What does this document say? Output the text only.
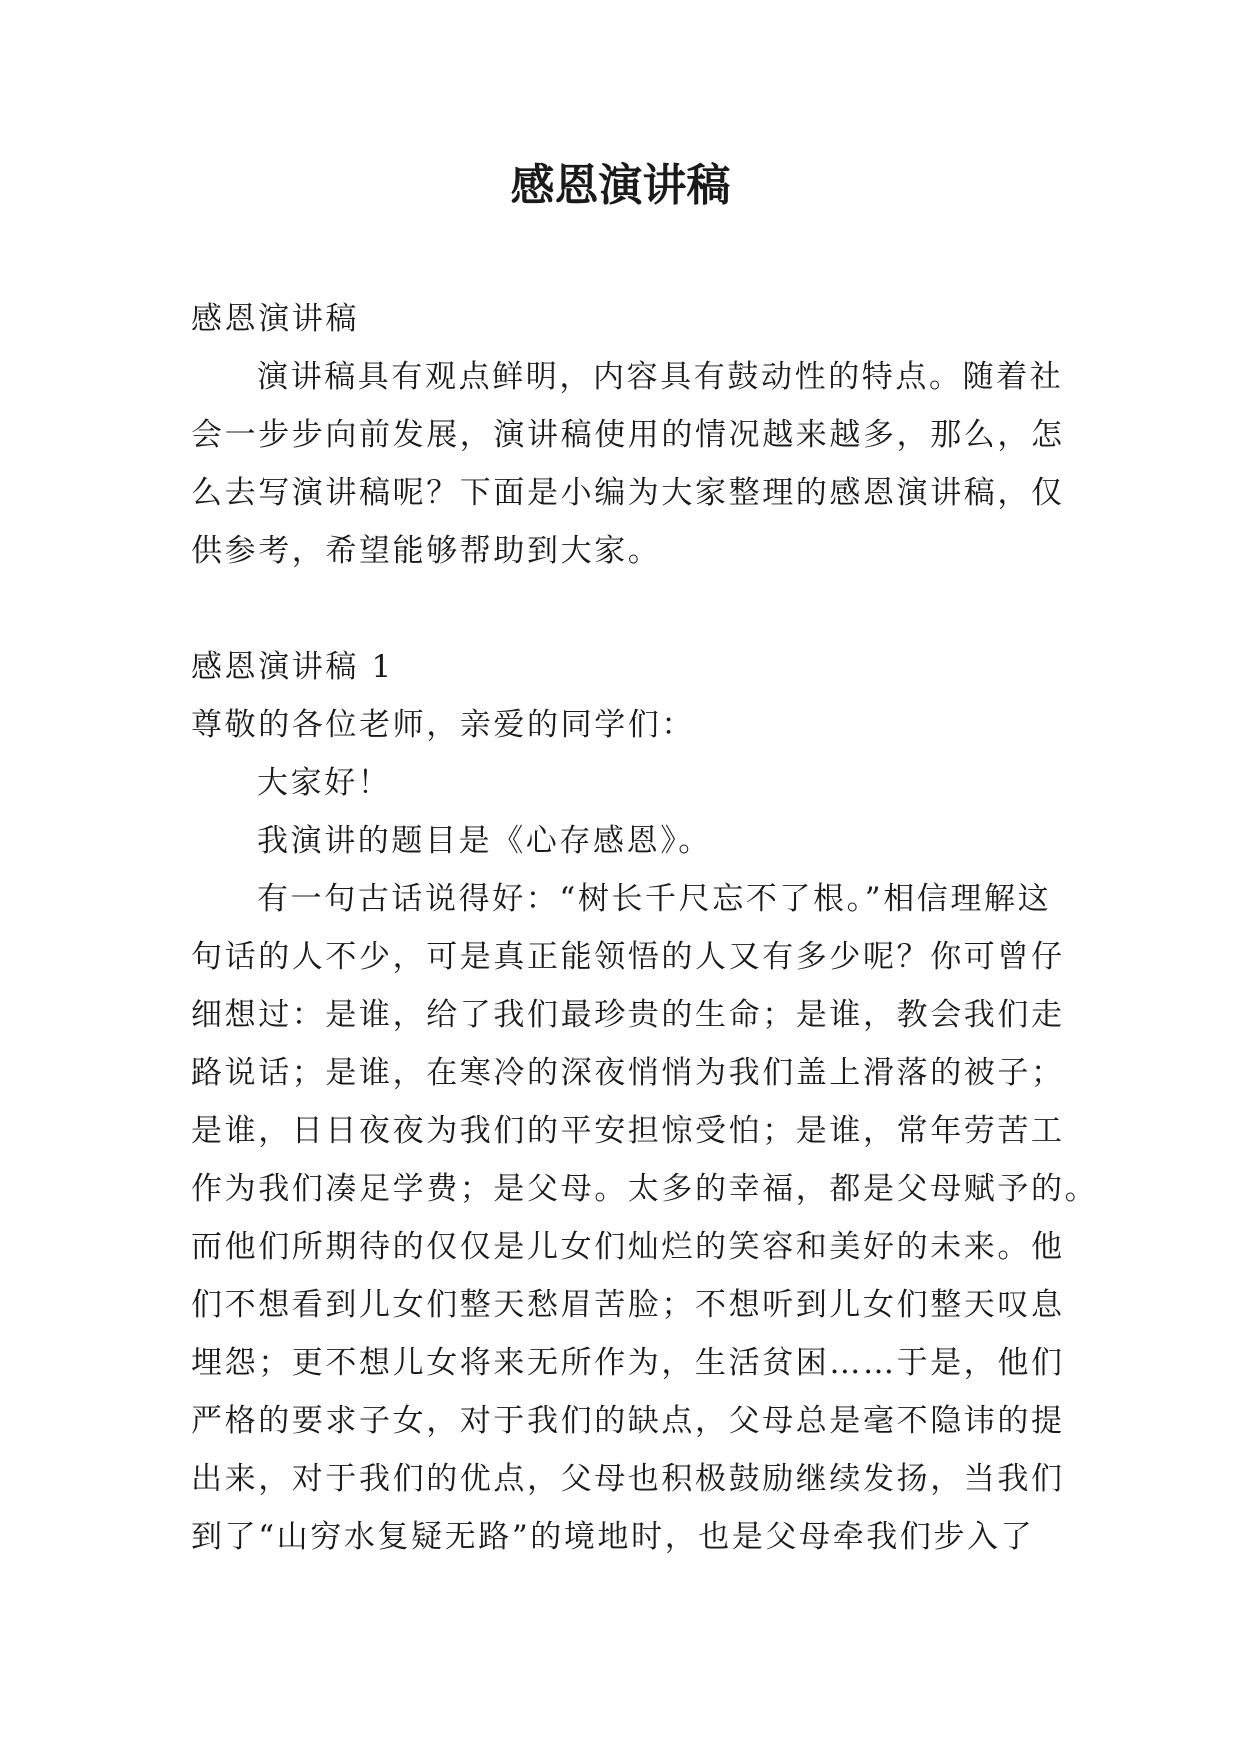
感恩演讲稿

感恩演讲稿

演讲稿具有观点鲜明，内容具有鼓动性的特点。随着社
会一步步向前发展，演讲稿使用的情况越来越多，那么，怎
么去写演讲稿呢？下面是小编为大家整理的感恩演讲稿，仅
供参考，希望能够帮助到大家。

感恩演讲稿 1

尊敬的各位老师，亲爱的同学们：
大家好！
我演讲的题目是《心存感恩》。
有一句古话说得好：“树长千尺忘不了根。”相信理解这
句话的人不少，可是真正能领悟的人又有多少呢？你可曾仔
细想过：是谁，给了我们最珍贵的生命；是谁，教会我们走
路说话；是谁，在寒冷的深夜悄悄为我们盖上滑落的被子；
是谁，日日夜夜为我们的平安担惊受怕；是谁，常年劳苦工
作为我们凑足学费；是父母。太多的幸福，都是父母赋予的。
而他们所期待的仅仅是儿女们灿烂的笑容和美好的未来。他
们不想看到儿女们整天愁眉苦脸；不想听到儿女们整天叹息
埋怨；更不想儿女将来无所作为，生活贫困……于是，他们
严格的要求子女，对于我们的缺点，父母总是毫不隐讳的提
出来，对于我们的优点，父母也积极鼓励继续发扬，当我们
到了“山穷水复疑无路”的境地时，也是父母牵我们步入了
